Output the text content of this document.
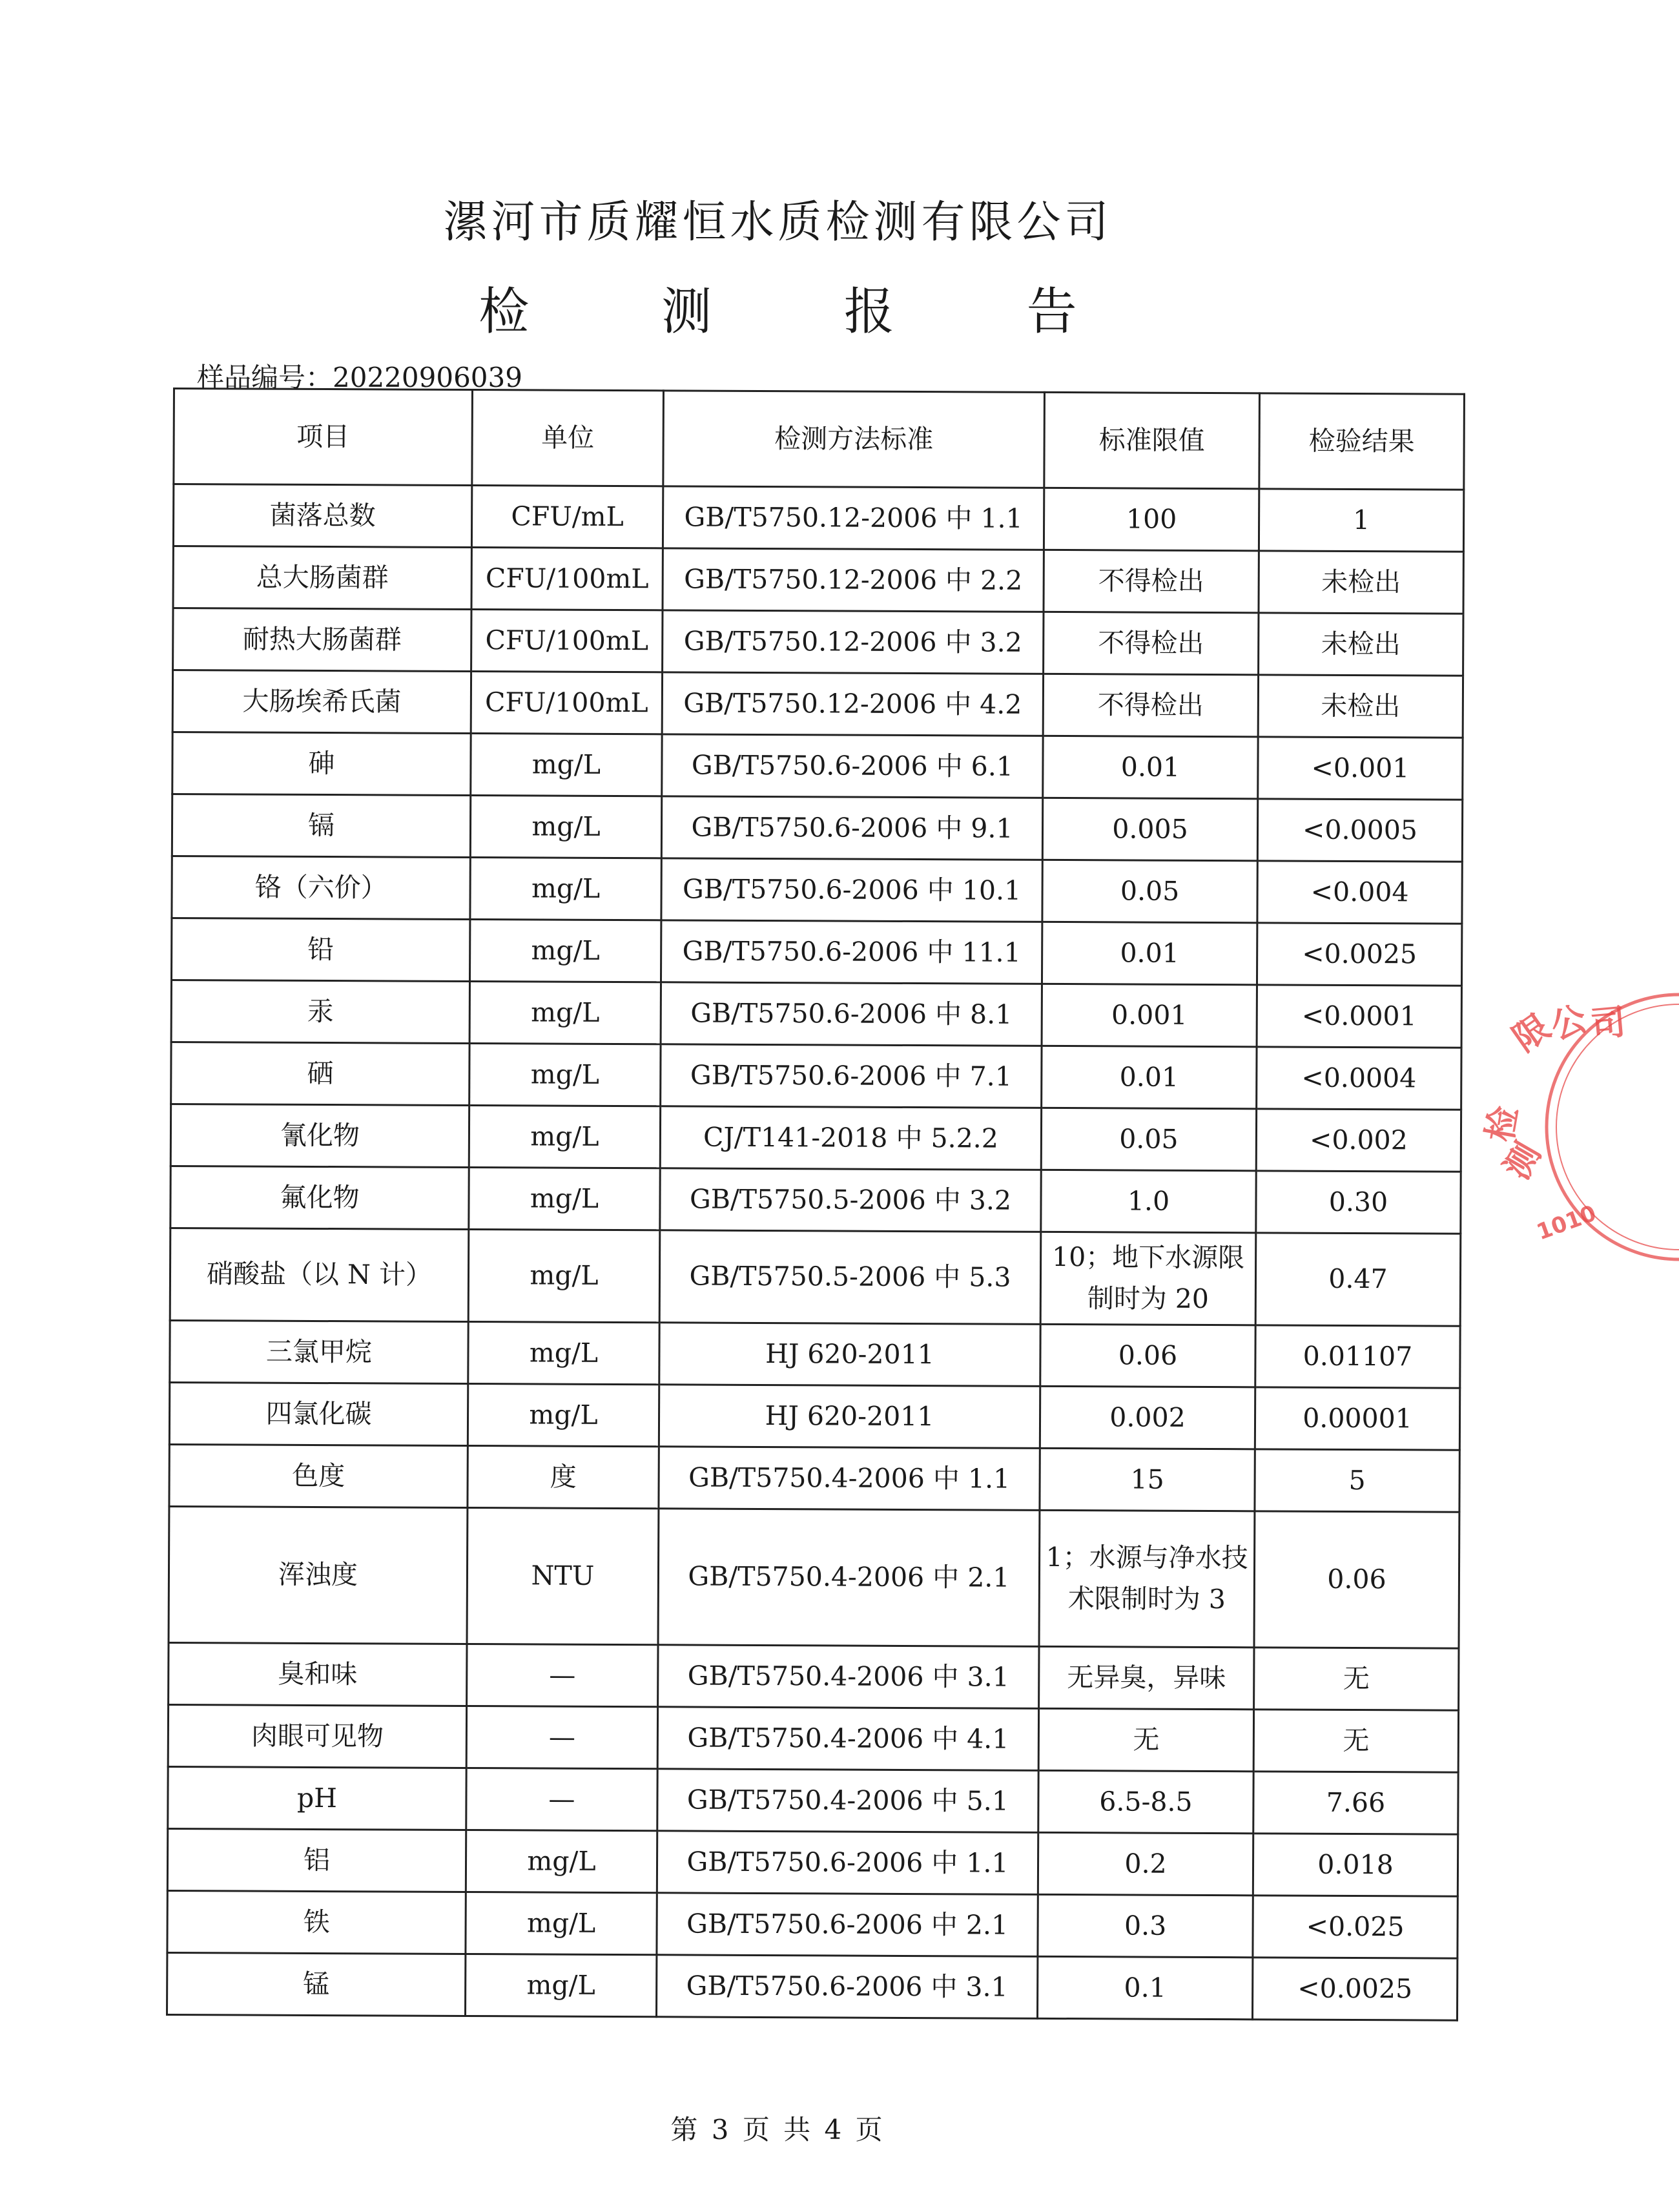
漯河市质耀恒水质检测有限公司
检 测 报 告
样品编号：20220906039
项目	单位	检测方法标准	标准限值	检验结果
菌落总数	CFU/mL	GB/T5750.12-2006 中 1.1	100	1
总大肠菌群	CFU/100mL	GB/T5750.12-2006 中 2.2	不得检出	未检出
耐热大肠菌群	CFU/100mL	GB/T5750.12-2006 中 3.2	不得检出	未检出
大肠埃希氏菌	CFU/100mL	GB/T5750.12-2006 中 4.2	不得检出	未检出
砷	mg/L	GB/T5750.6-2006 中 6.1	0.01	<0.001
镉	mg/L	GB/T5750.6-2006 中 9.1	0.005	<0.0005
铬（六价）	mg/L	GB/T5750.6-2006 中 10.1	0.05	<0.004
铅	mg/L	GB/T5750.6-2006 中 11.1	0.01	<0.0025
汞	mg/L	GB/T5750.6-2006 中 8.1	0.001	<0.0001
硒	mg/L	GB/T5750.6-2006 中 7.1	0.01	<0.0004
氰化物	mg/L	CJ/T141-2018 中 5.2.2	0.05	<0.002
氟化物	mg/L	GB/T5750.5-2006 中 3.2	1.0	0.30
硝酸盐（以 N 计）	mg/L	GB/T5750.5-2006 中 5.3	10；地下水源限制时为 20	0.47
三氯甲烷	mg/L	HJ 620-2011	0.06	0.01107
四氯化碳	mg/L	HJ 620-2011	0.002	0.00001
色度	度	GB/T5750.4-2006 中 1.1	15	5
浑浊度	NTU	GB/T5750.4-2006 中 2.1	1；水源与净水技术限制时为 3	0.06
臭和味	—	GB/T5750.4-2006 中 3.1	无异臭，异味	无
肉眼可见物	—	GB/T5750.4-2006 中 4.1	无	无
pH	—	GB/T5750.4-2006 中 5.1	6.5-8.5	7.66
铝	mg/L	GB/T5750.6-2006 中 1.1	0.2	0.018
铁	mg/L	GB/T5750.6-2006 中 2.1	0.3	<0.025
锰	mg/L	GB/T5750.6-2006 中 3.1	0.1	<0.0025
限
公
司
检
测
1010
第 3 页 共 4 页
